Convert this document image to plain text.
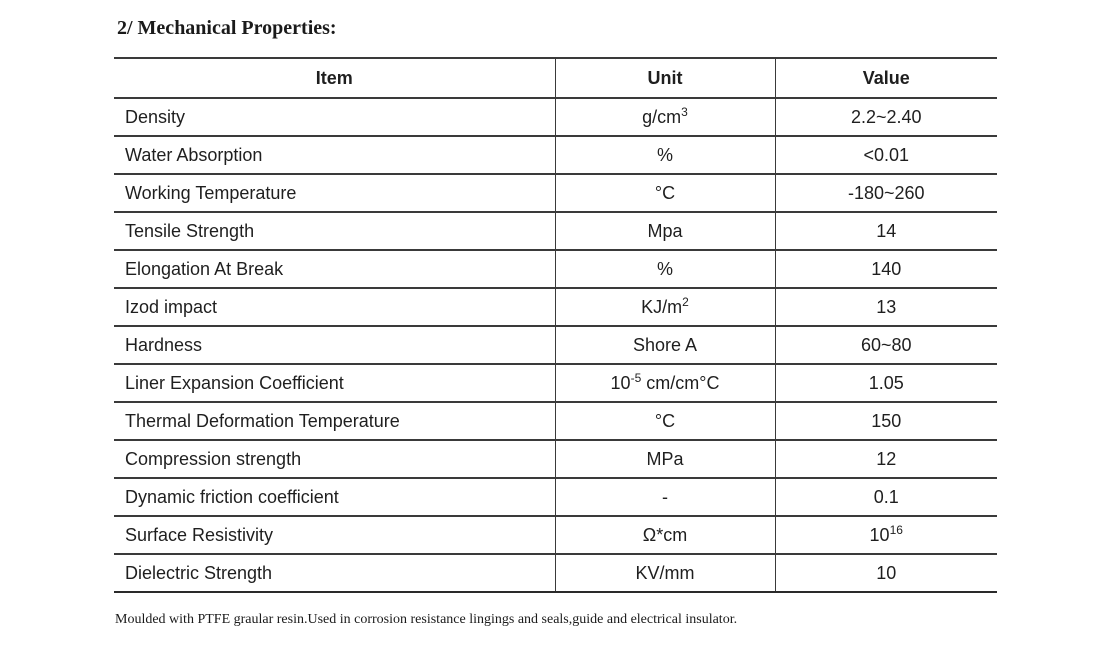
2/ Mechanical Properties:
Item	Unit	Value
Density	$g/cm^3$	2.2~2.40
Water Absorption	%	<0.01
Working Temperature	°C	-180~260
Tensile Strength	Mpa	14
Elongation At Break	%	140
Izod impact	$KJ/m^2$	13
Hardness	Shore A	60~80
Liner Expansion Coefficient	$10^{-5}$ cm/cm°C	1.05
Thermal Deformation Temperature	°C	150
Compression strength	MPa	12
Dynamic friction coefficient	-	0.1
Surface Resistivity	Ω*cm	$10^{16}$
Dielectric Strength	KV/mm	10
Moulded with PTFE graular resin.Used in corrosion resistance lingings and seals,guide and electrical insulator.
